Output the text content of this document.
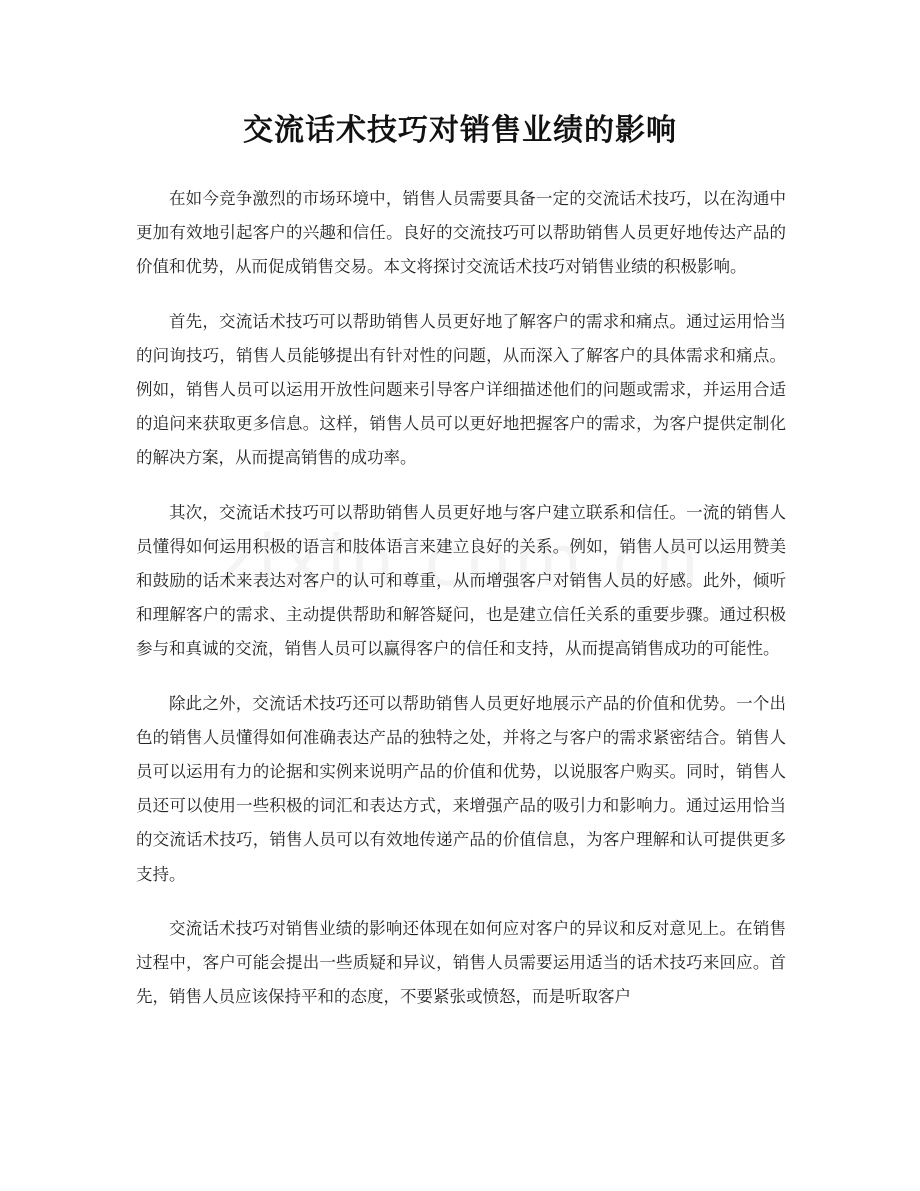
交流话术技巧对销售业绩的影响

在如今竞争激烈的市场环境中，销售人员需要具备一定的交流话术技巧，以在沟通中更加有效地引起客户的兴趣和信任。良好的交流技巧可以帮助销售人员更好地传达产品的价值和优势，从而促成销售交易。本文将探讨交流话术技巧对销售业绩的积极影响。

首先，交流话术技巧可以帮助销售人员更好地了解客户的需求和痛点。通过运用恰当的问询技巧，销售人员能够提出有针对性的问题，从而深入了解客户的具体需求和痛点。例如，销售人员可以运用开放性问题来引导客户详细描述他们的问题或需求，并运用合适的追问来获取更多信息。这样，销售人员可以更好地把握客户的需求，为客户提供定制化的解决方案，从而提高销售的成功率。

其次，交流话术技巧可以帮助销售人员更好地与客户建立联系和信任。一流的销售人员懂得如何运用积极的语言和肢体语言来建立良好的关系。例如，销售人员可以运用赞美和鼓励的话术来表达对客户的认可和尊重，从而增强客户对销售人员的好感。此外，倾听和理解客户的需求、主动提供帮助和解答疑问，也是建立信任关系的重要步骤。通过积极参与和真诚的交流，销售人员可以赢得客户的信任和支持，从而提高销售成功的可能性。

除此之外，交流话术技巧还可以帮助销售人员更好地展示产品的价值和优势。一个出色的销售人员懂得如何准确表达产品的独特之处，并将之与客户的需求紧密结合。销售人员可以运用有力的论据和实例来说明产品的价值和优势，以说服客户购买。同时，销售人员还可以使用一些积极的词汇和表达方式，来增强产品的吸引力和影响力。通过运用恰当的交流话术技巧，销售人员可以有效地传递产品的价值信息，为客户理解和认可提供更多支持。

交流话术技巧对销售业绩的影响还体现在如何应对客户的异议和反对意见上。在销售过程中，客户可能会提出一些质疑和异议，销售人员需要运用适当的话术技巧来回应。首先，销售人员应该保持平和的态度，不要紧张或愤怒，而是听取客户
